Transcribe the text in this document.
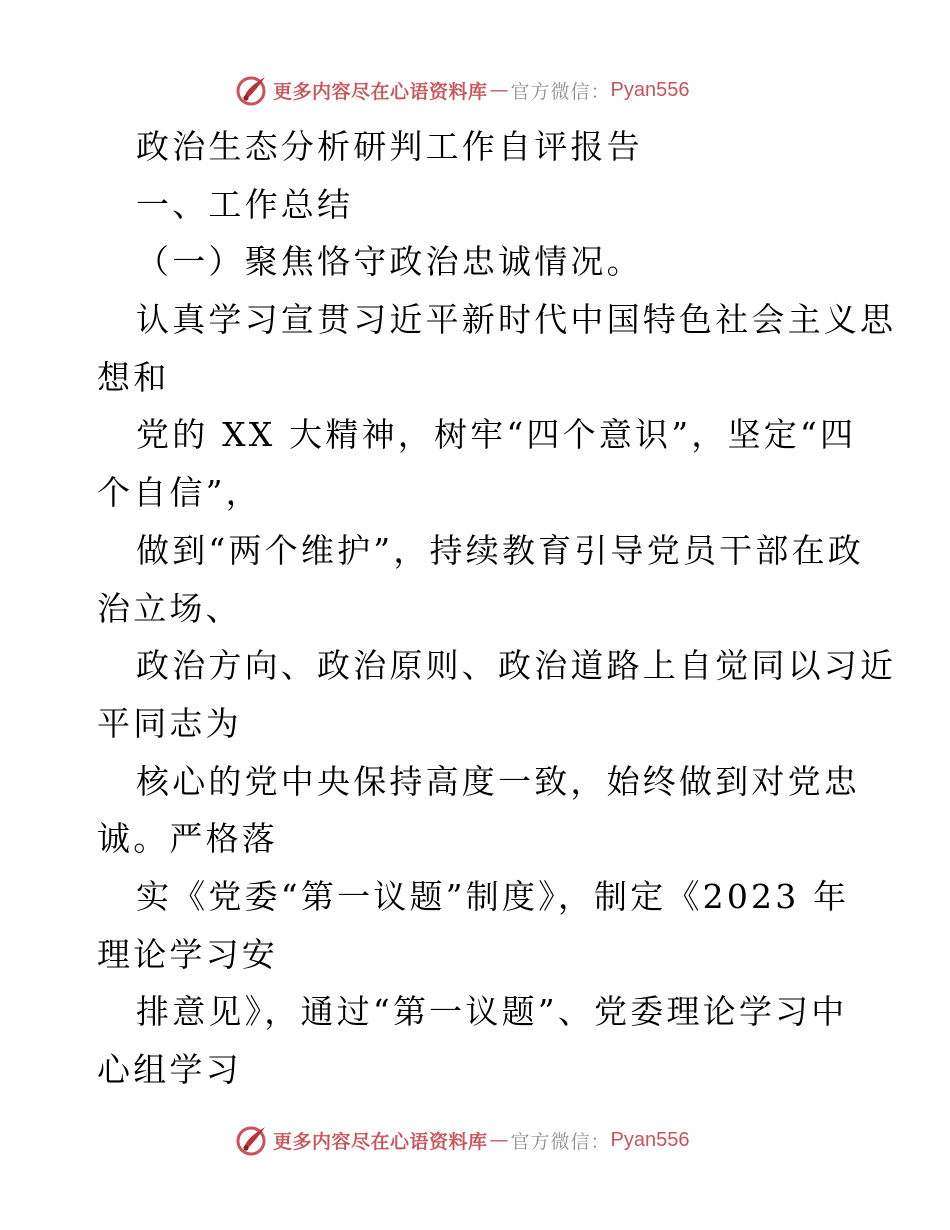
更多内容尽在心语资料库 — 官方微信： Pyan556
政治生态分析研判工作自评报告
一、工作总结
（一）聚焦恪守政治忠诚情况。
认真学习宣贯习近平新时代中国特色社会主义思
想和
党的 XX 大精神，树牢“四个意识”，坚定“四
个自信”，
做到“两个维护”，持续教育引导党员干部在政
治立场、
政治方向、政治原则、政治道路上自觉同以习近
平同志为
核心的党中央保持高度一致，始终做到对党忠
诚。严格落
实《党委“第一议题”制度》，制定《2023 年
理论学习安
排意见》，通过“第一议题”、党委理论学习中
心组学习
更多内容尽在心语资料库 — 官方微信： Pyan556
